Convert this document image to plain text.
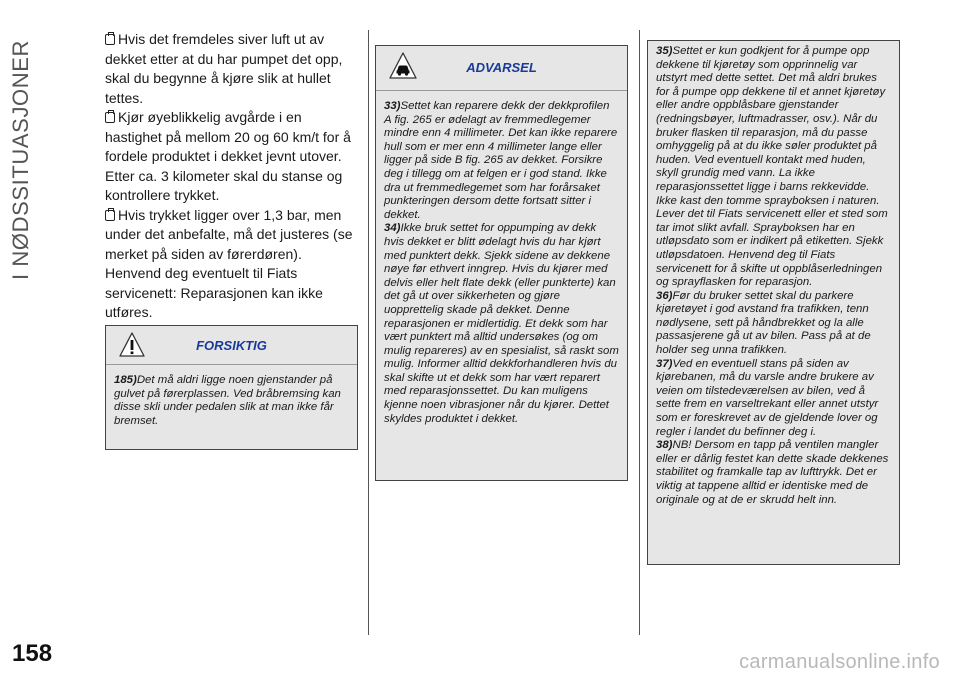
I NØDSSITUASJONER
158	carmanualsonline.info

Hvis det fremdeles siver luft ut av dekket etter at du har pumpet det opp, skal du begynne å kjøre slik at hullet tettes.

Kjør øyeblikkelig avgårde i en hastighet på mellom 20 og 60 km/t for å fordele produktet i dekket jevnt utover. Etter ca. 3 kilometer skal du stanse og kontrollere trykket.

Hvis trykket ligger over 1,3 bar, men under det anbefalte, må det justeres (se merket på siden av førerdøren). Henvend deg eventuelt til Fiats servicenett: Reparasjonen kan ikke utføres.

FORSIKTIG

185)Det må aldri ligge noen gjenstander på gulvet på førerplassen. Ved bråbremsing kan disse skli under pedalen slik at man ikke får bremset.

ADVARSEL

33)Settet kan reparere dekk der dekkprofilen A fig. 265 er ødelagt av fremmedlegemer mindre enn 4 millimeter. Det kan ikke reparere hull som er mer enn 4 millimeter lange eller ligger på side B fig. 265 av dekket. Forsikre deg i tillegg om at felgen er i god stand. Ikke dra ut fremmedlegemet som har forårsaket punkteringen dersom dette fortsatt sitter i dekket.

34)Ikke bruk settet for oppumping av dekk hvis dekket er blitt ødelagt hvis du har kjørt med punktert dekk. Sjekk sidene av dekkene nøye før ethvert inngrep. Hvis du kjører med delvis eller helt flate dekk (eller punkterte) kan det gå ut over sikkerheten og gjøre uopprettelig skade på dekket. Denne reparasjonen er midlertidig. Et dekk som har vært punktert må alltid undersøkes (og om mulig repareres) av en spesialist, så raskt som mulig. Informer alltid dekkforhandleren hvis du skal skifte ut et dekk som har vært reparert med reparasjonssettet. Du kan muligens kjenne noen vibrasjoner når du kjører. Dettet skyldes produktet i dekket.

35)Settet er kun godkjent for å pumpe opp dekkene til kjøretøy som opprinnelig var utstyrt med dette settet. Det må aldri brukes for å pumpe opp dekkene til et annet kjøretøy eller andre oppblåsbare gjenstander (redningsbøyer, luftmadrasser, osv.). Når du bruker flasken til reparasjon, må du passe omhyggelig på at du ikke søler produktet på huden. Ved eventuell kontakt med huden, skyll grundig med vann. La ikke reparasjonssettet ligge i barns rekkevidde. Ikke kast den tomme sprayboksen i naturen. Lever det til Fiats servicenett eller et sted som tar imot slikt avfall. Sprayboksen har en utløpsdato som er indikert på etiketten. Sjekk utløpsdatoen. Henvend deg til Fiats servicenett for å skifte ut oppblåserledningen og sprayflasken for reparasjon.

36)Før du bruker settet skal du parkere kjøretøyet i god avstand fra trafikken, tenn nødlysene, sett på håndbrekket og la alle passasjerene gå ut av bilen. Pass på at de holder seg unna trafikken.

37)Ved en eventuell stans på siden av kjørebanen, må du varsle andre brukere av veien om tilstedeværelsen av bilen, ved å sette frem en varseltrekant eller annet utstyr som er foreskrevet av de gjeldende lover og regler i landet du befinner deg i.

38)NB! Dersom en tapp på ventilen mangler eller er dårlig festet kan dette skade dekkenes stabilitet og framkalle tap av lufttrykk. Det er viktig at tappene alltid er identiske med de originale og at de er skrudd helt inn.
